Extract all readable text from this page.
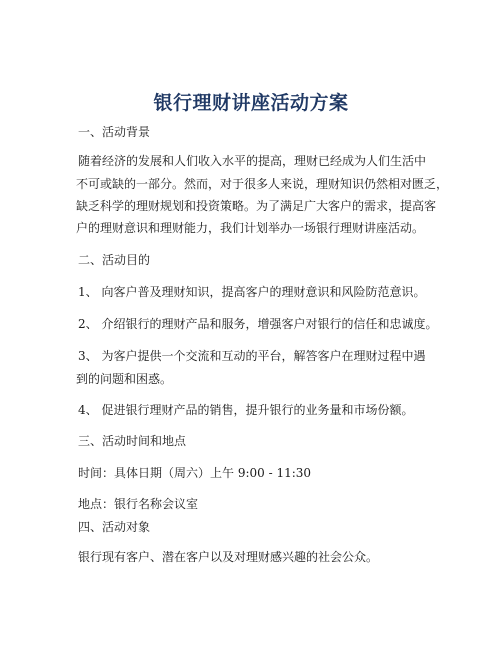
银行理财讲座活动方案
一、活动背景
随着经济的发展和人们收入水平的提高，理财已经成为人们生活中
不可或缺的一部分。然而，对于很多人来说，理财知识仍然相对匮乏，
缺乏科学的理财规划和投资策略。为了满足广大客户的需求，提高客
户的理财意识和理财能力，我们计划举办一场银行理财讲座活动。
二、活动目的
1、 向客户普及理财知识，提高客户的理财意识和风险防范意识。
2、 介绍银行的理财产品和服务，增强客户对银行的信任和忠诚度。
3、 为客户提供一个交流和互动的平台，解答客户在理财过程中遇
到的问题和困惑。
4、 促进银行理财产品的销售，提升银行的业务量和市场份额。
三、活动时间和地点
时间：具体日期（周六）上午 9:00 - 11:30
地点：银行名称会议室
四、活动对象
银行现有客户、潜在客户以及对理财感兴趣的社会公众。
